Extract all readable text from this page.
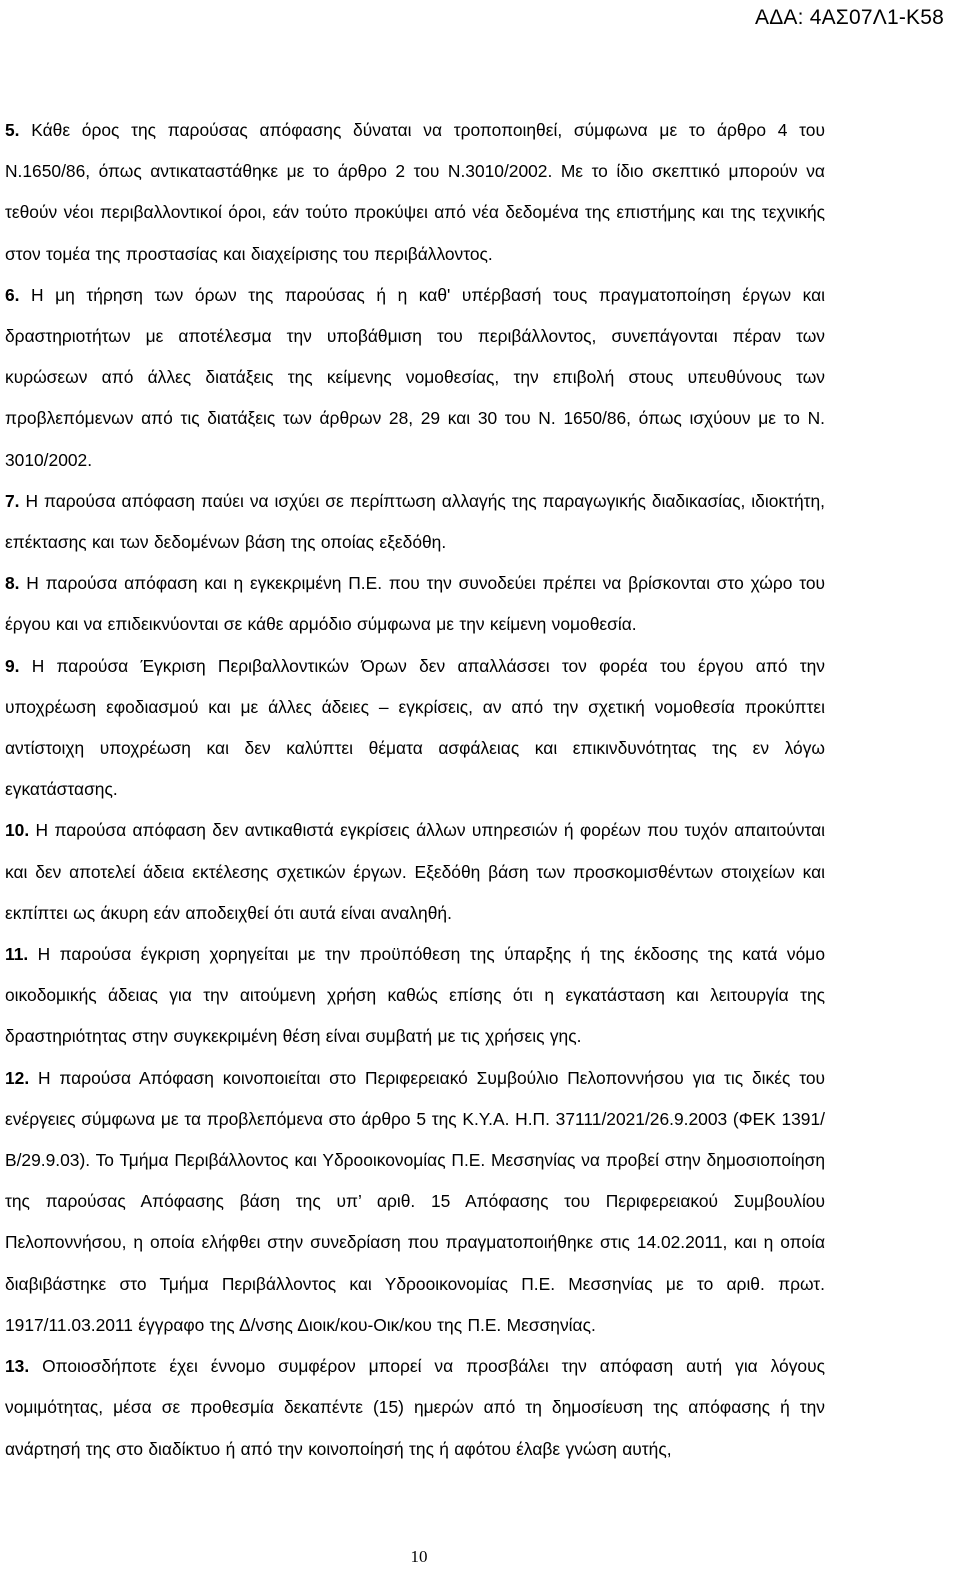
ΑΔΑ: 4ΑΣ07Λ1-Κ58

5. Κάθε όρος της παρούσας απόφασης δύναται να τροποποιηθεί, σύμφωνα με το άρθρο 4 του Ν.1650/86, όπως αντικαταστάθηκε με το άρθρο 2 του Ν.3010/2002. Με το ίδιο σκεπτικό μπορούν να τεθούν νέοι περιβαλλοντικοί όροι, εάν τούτο προκύψει από νέα δεδομένα της επιστήμης και της τεχνικής στον τομέα της προστασίας και διαχείρισης του περιβάλλοντος.

6. Η μη τήρηση των όρων της παρούσας ή η καθ' υπέρβασή τους πραγματοποίηση έργων και δραστηριοτήτων με αποτέλεσμα την υποβάθμιση του περιβάλλοντος, συνεπάγονται πέραν των κυρώσεων από άλλες διατάξεις της κείμενης νομοθεσίας, την επιβολή στους υπευθύνους των προβλεπόμενων από τις διατάξεις των άρθρων 28, 29 και 30 του Ν. 1650/86, όπως ισχύουν με το Ν. 3010/2002.

7. Η παρούσα απόφαση παύει να ισχύει σε περίπτωση αλλαγής της παραγωγικής διαδικασίας, ιδιοκτήτη, επέκτασης και των δεδομένων βάση της οποίας εξεδόθη.

8. Η παρούσα απόφαση και η εγκεκριμένη Π.Ε. που την συνοδεύει πρέπει να βρίσκονται στο χώρο του έργου και να επιδεικνύονται σε κάθε αρμόδιο σύμφωνα με την κείμενη νομοθεσία.

9. Η παρούσα Έγκριση Περιβαλλοντικών Όρων δεν απαλλάσσει τον φορέα του έργου από την υποχρέωση εφοδιασμού και με άλλες άδειες – εγκρίσεις, αν από την σχετική νομοθεσία προκύπτει αντίστοιχη υποχρέωση και δεν καλύπτει θέματα ασφάλειας και επικινδυνότητας της εν λόγω εγκατάστασης.

10. Η παρούσα απόφαση δεν αντικαθιστά εγκρίσεις άλλων υπηρεσιών ή φορέων που τυχόν απαιτούνται και δεν αποτελεί άδεια εκτέλεσης σχετικών έργων. Εξεδόθη βάση των προσκομισθέντων στοιχείων και εκπίπτει ως άκυρη εάν αποδειχθεί ότι αυτά είναι αναληθή.

11. Η παρούσα έγκριση χορηγείται με την προϋπόθεση της ύπαρξης ή της έκδοσης της κατά νόμο οικοδομικής άδειας για την αιτούμενη χρήση καθώς επίσης ότι η εγκατάσταση και λειτουργία της δραστηριότητας στην συγκεκριμένη θέση είναι συμβατή με τις χρήσεις γης.

12. Η παρούσα Απόφαση κοινοποιείται στο Περιφερειακό Συμβούλιο Πελοποννήσου για τις δικές του ενέργειες σύμφωνα με τα προβλεπόμενα στο άρθρο 5 της Κ.Υ.Α. Η.Π. 37111/2021/26.9.2003 (ΦΕΚ 1391/Β/29.9.03). Το Τμήμα Περιβάλλοντος και Υδροοικονομίας Π.Ε. Μεσσηνίας να προβεί στην δημοσιοποίηση της παρούσας Απόφασης βάση της υπ’ αριθ. 15 Απόφασης του Περιφερειακού Συμβουλίου Πελοποννήσου, η οποία ελήφθει στην συνεδρίαση που πραγματοποιήθηκε στις 14.02.2011, και η οποία διαβιβάστηκε στο Τμήμα Περιβάλλοντος και Υδροοικονομίας Π.Ε. Μεσσηνίας με το αριθ. πρωτ. 1917/11.03.2011 έγγραφο της Δ/νσης Διοικ/κου-Οικ/κου της Π.Ε. Μεσσηνίας.

13. Οποιοσδήποτε έχει έννομο συμφέρον μπορεί να προσβάλει την απόφαση αυτή για λόγους νομιμότητας, μέσα σε προθεσμία δεκαπέντε (15) ημερών από τη δημοσίευση της απόφασης ή την ανάρτησή της στο διαδίκτυο ή από την κοινοποίησή της ή αφότου έλαβε γνώση αυτής,

10
